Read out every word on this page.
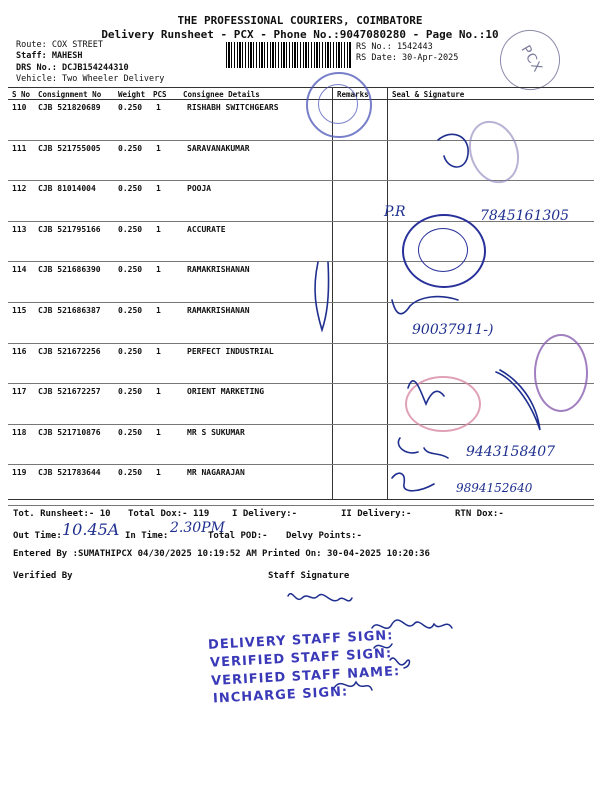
THE PROFESSIONAL COURIERS, COIMBATORE
Delivery Runsheet - PCX - Phone No.:9047080280 - Page No.:10
Route: COX STREET
Staff: MAHESH
DRS No.: DCJB154244310
Vehicle: Two Wheeler Delivery
RS No.: 1542443
RS Date: 30-Apr-2025	PCX
S No Consignment No Weight PCS Consignee Details	Remarks	Seal & Signature
110 CJB 521820689 0.250 1	RISHABH SWITCHGEARS
111 CJB 521755005 0.250 1	SARAVANAKUMAR
112 CJB 81014004	0.250 1	POOJA
113 CJB 521795166 0.250 1	ACCURATE
114 CJB 521686390 0.250 1	RAMAKRISHANAN
115 CJB 521686387 0.250 1	RAMAKRISHANAN
116 CJB 521672256 0.250 1	PERFECT INDUSTRIAL
117 CJB 521672257 0.250 1	ORIENT MARKETING
118 CJB 521710876 0.250 1	MR S SUKUMAR
119 CJB 521783644 0.250 1	MR NAGARAJAN
P.R	7845161305
90037911-)
9443158407
9894152640
Tot. Runsheet:- 10 Total Dox:- 119	I Delivery:-	II Delivery:-	RTN Dox:-
Out Time: 10.45A In Time: 2.30PM
Total POD:- Delvy Points:-
Entered By :SUMATHIPCX 04/30/2025 10:19:52 AM Printed On: 30-04-2025 10:20:36
Verified By	Staff Signature
DELIVERY STAFF SIGN:
VERIFIED STAFF SIGN:
VERIFIED STAFF NAME:
INCHARGE SIGN:
